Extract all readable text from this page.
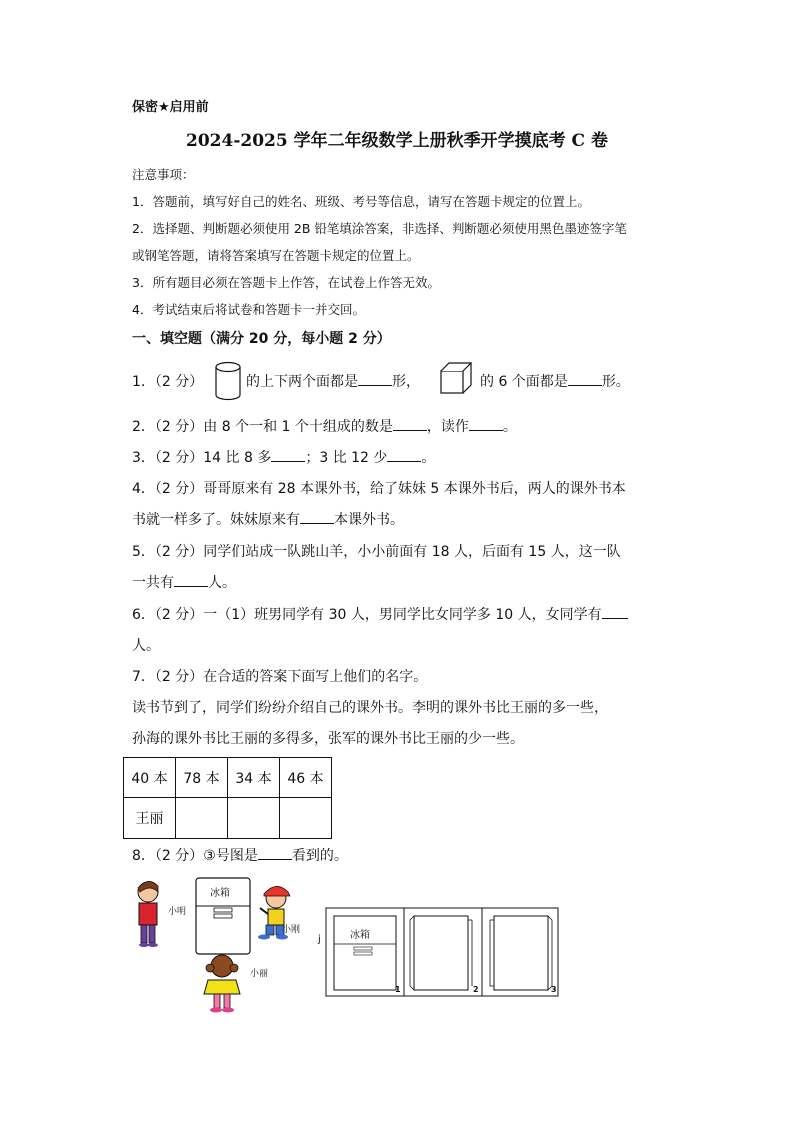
保密★启用前
2024-2025 学年二年级数学上册秋季开学摸底考 C 卷
注意事项：
1．答题前，填写好自己的姓名、班级、考号等信息，请写在答题卡规定的位置上。
2．选择题、判断题必须使用 2B 铅笔填涂答案，非选择、判断题必须使用黑色墨迹签字笔
或钢笔答题，请将答案填写在答题卡规定的位置上。
3．所有题目必须在答题卡上作答，在试卷上作答无效。
4．考试结束后将试卷和答题卡一并交回。
一、填空题（满分 20 分，每小题 2 分）
1．（2 分）	的上下两个面都是 形，	的 6 个面都是 形。
2．（2 分）由 8 个一和 1 个十组成的数是 ，读作 。
3．（2 分）14 比 8 多 ；3 比 12 少 。
4．（2 分）哥哥原来有 28 本课外书，给了妹妹 5 本课外书后，两人的课外书本
书就一样多了。妹妹原来有 本课外书。
5．（2 分）同学们站成一队跳山羊，小小前面有 18 人，后面有 15 人，这一队
一共有 人。
6．（2 分）一（1）班男同学有 30 人，男同学比女同学多 10 人，女同学有
人。
7．（2 分）在合适的答案下面写上他们的名字。
读书节到了，同学们纷纷介绍自己的课外书。李明的课外书比王丽的多一些，
孙海的课外书比王丽的多得多，张军的课外书比王丽的少一些。
40 本	78 本	34 本	46 本
王丽			
8．（2 分）③号图是 看到的。
小明
冰箱
小刚
小丽
j	冰箱
1	2	3
